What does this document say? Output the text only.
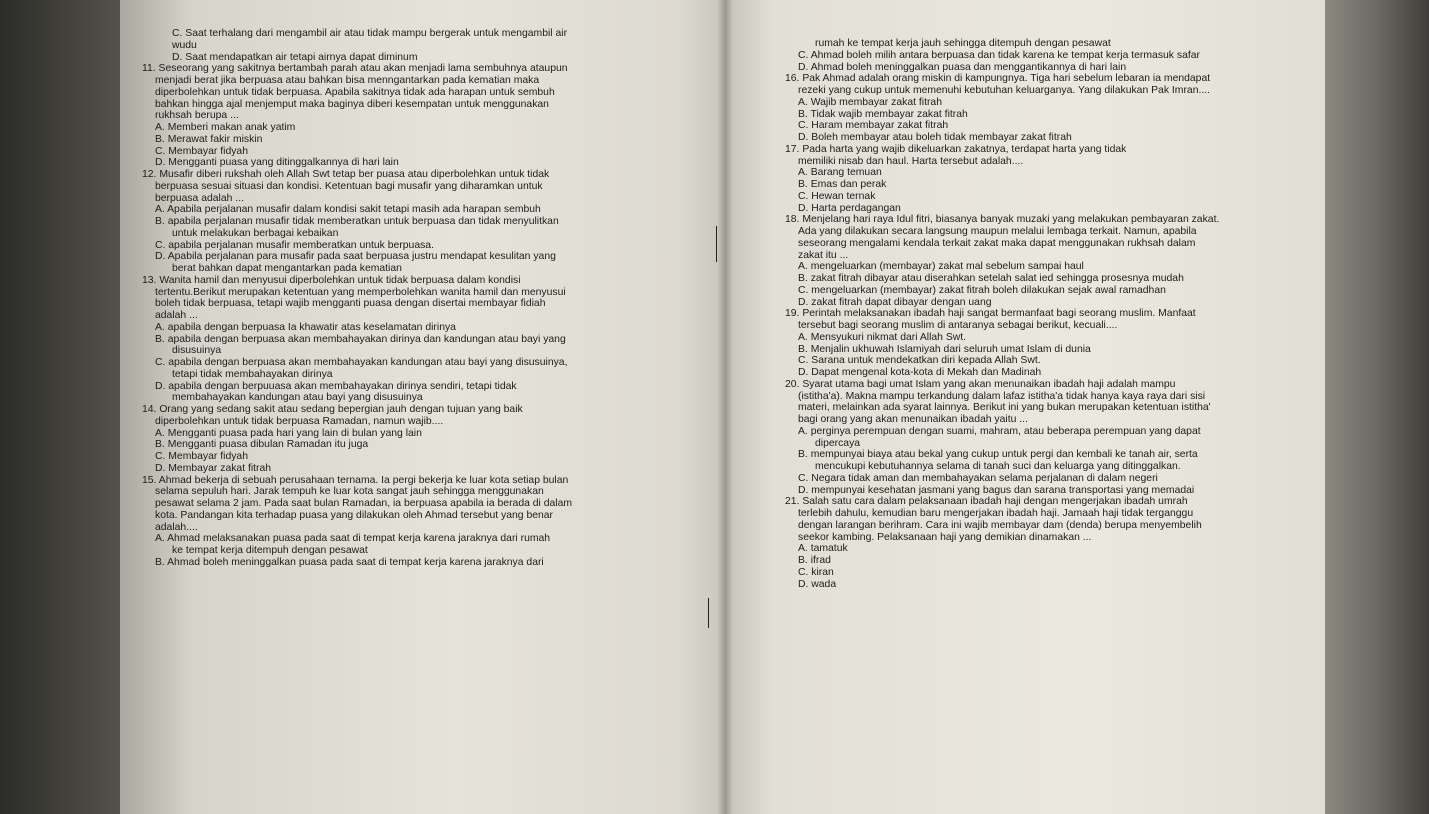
C. Saat terhalang dari mengambil air atau tidak mampu bergerak untuk mengambil air
wudu
D. Saat mendapatkan air tetapi airnya dapat diminum
11. Seseorang yang sakitnya bertambah parah atau akan menjadi lama sembuhnya ataupun
menjadi berat jika berpuasa atau bahkan bisa menngantarkan pada kematian maka
diperbolehkan untuk tidak berpuasa. Apabila sakitnya tidak ada harapan untuk sembuh
bahkan hingga ajal menjemput maka baginya diberi kesempatan untuk menggunakan
rukhsah berupa ...
A. Memberi makan anak yatim
B. Merawat fakir miskin
C. Membayar fidyah
D. Mengganti puasa yang ditinggalkannya di hari lain
12. Musafir diberi rukshah oleh Allah Swt tetap ber puasa atau diperbolehkan untuk tidak
berpuasa sesuai situasi dan kondisi. Ketentuan bagi musafir yang diharamkan untuk
berpuasa adalah ...
A. Apabila perjalanan musafir dalam kondisi sakit tetapi masih ada harapan sembuh
B. apabila perjalanan musafir tidak memberatkan untuk berpuasa dan tidak menyulitkan
untuk melakukan berbagai kebaikan
C. apabila perjalanan musafir memberatkan untuk berpuasa.
D. Apabila perjalanan para musafir pada saat berpuasa justru mendapat kesulitan yang
berat bahkan dapat mengantarkan pada kematian
13. Wanita hamil dan menyusui diperbolehkan untuk tidak berpuasa dalam kondisi
tertentu.Berikut merupakan ketentuan yang memperbolehkan wanita hamil dan menyusui
boleh tidak berpuasa, tetapi wajib mengganti puasa dengan disertai membayar fidiah
adalah ...
A. apabila dengan berpuasa Ia khawatir atas keselamatan dirinya
B. apabila dengan berpuasa akan membahayakan dirinya dan kandungan atau bayi yang
disusuinya
C. apabila dengan berpuasa akan membahayakan kandungan atau bayi yang disusuinya,
tetapi tidak membahayakan dirinya
D. apabila dengan berpuuasa akan membahayakan dirinya sendiri, tetapi tidak
membahayakan kandungan atau bayi yang disusuinya
14. Orang yang sedang sakit atau sedang bepergian jauh dengan tujuan yang baik
diperbolehkan untuk tidak berpuasa Ramadan, namun wajib....
A. Mengganti puasa pada hari yang lain di bulan yang lain
B. Mengganti puasa dibulan Ramadan itu juga
C. Membayar fidyah
D. Membayar zakat fitrah
15. Ahmad bekerja di sebuah perusahaan ternama. Ia pergi bekerja ke luar kota setiap bulan
selama sepuluh hari. Jarak tempuh ke luar kota sangat jauh sehingga menggunakan
pesawat selama 2 jam. Pada saat bulan Ramadan, ia berpuasa apabila ia berada di dalam
kota. Pandangan kita terhadap puasa yang dilakukan oleh Ahmad tersebut yang benar
adalah....
A. Ahmad melaksanakan puasa pada saat di tempat kerja karena jaraknya dari rumah
ke tempat kerja ditempuh dengan pesawat
B. Ahmad boleh meninggalkan puasa pada saat di tempat kerja karena jaraknya dari
rumah ke tempat kerja jauh sehingga ditempuh dengan pesawat
C. Ahmad boleh milih antara berpuasa dan tidak karena ke tempat kerja termasuk safar
D. Ahmad boleh meninggalkan puasa dan menggantikannya di hari lain
16. Pak Ahmad adalah orang miskin di kampungnya. Tiga hari sebelum lebaran ia mendapat
rezeki yang cukup untuk memenuhi kebutuhan keluarganya. Yang dilakukan Pak Imran....
A. Wajib membayar zakat fitrah
B. Tidak wajib membayar zakat fitrah
C. Haram membayar zakat fitrah
D. Boleh membayar atau boleh tidak membayar zakat fitrah
17. Pada harta yang wajib dikeluarkan zakatnya, terdapat harta yang tidak
memiliki nisab dan haul. Harta tersebut adalah....
A. Barang temuan
B. Emas dan perak
C. Hewan ternak
D. Harta perdagangan
18. Menjelang hari raya Idul fitri, biasanya banyak muzaki yang melakukan pembayaran zakat.
Ada yang dilakukan secara langsung maupun melalui lembaga terkait. Namun, apabila
seseorang mengalami kendala terkait zakat maka dapat menggunakan rukhsah dalam
zakat itu ...
A. mengeluarkan (membayar) zakat mal sebelum sampai haul
B. zakat fitrah dibayar atau diserahkan setelah salat ied sehingga prosesnya mudah
C. mengeluarkan (membayar) zakat fitrah boleh dilakukan sejak awal ramadhan
D. zakat fitrah dapat dibayar dengan uang
19. Perintah melaksanakan ibadah haji sangat bermanfaat bagi seorang muslim. Manfaat
tersebut bagi seorang muslim di antaranya sebagai berikut, kecuali....
A. Mensyukuri nikmat dari Allah Swt.
B. Menjalin ukhuwah Islamiyah dari seluruh umat Islam di dunia
C. Sarana untuk mendekatkan diri kepada Allah Swt.
D. Dapat mengenal kota-kota di Mekah dan Madinah
20. Syarat utama bagi umat Islam yang akan menunaikan ibadah haji adalah mampu
(istitha'a). Makna mampu terkandung dalam lafaz istitha'a tidak hanya kaya raya dari sisi
materi, melainkan ada syarat lainnya. Berikut ini yang bukan merupakan ketentuan istitha'
bagi orang yang akan menunaikan ibadah yaitu ...
A. perginya perempuan dengan suami, mahram, atau beberapa perempuan yang dapat
dipercaya
B. mempunyai biaya atau bekal yang cukup untuk pergi dan kembali ke tanah air, serta
mencukupi kebutuhannya selama di tanah suci dan keluarga yang ditinggalkan.
C. Negara tidak aman dan membahayakan selama perjalanan di dalam negeri
D. mempunyai kesehatan jasmani yang bagus dan sarana transportasi yang memadai
21. Salah satu cara dalam pelaksanaan ibadah haji dengan mengerjakan ibadah umrah
terlebih dahulu, kemudian baru mengerjakan ibadah haji. Jamaah haji tidak terganggu
dengan larangan berihram. Cara ini wajib membayar dam (denda) berupa menyembelih
seekor kambing. Pelaksanaan haji yang demikian dinamakan ...
A. tamatuk
B. ifrad
C. kiran
D. wada
